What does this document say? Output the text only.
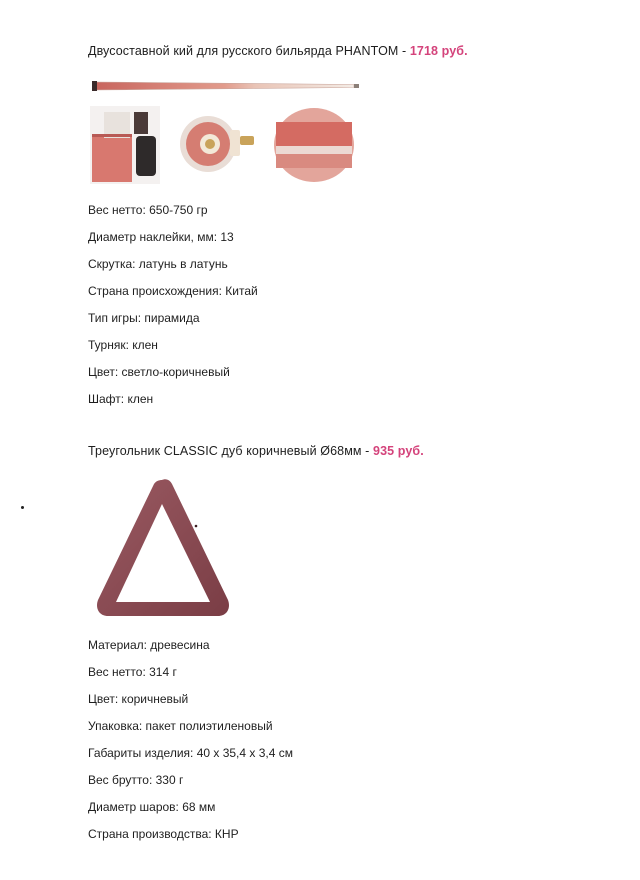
Двусоставной кий для русского бильярда PHANTOM - 1718 руб.
Вес нетто: 650-750 гр
Диаметр наклейки, мм: 13
Скрутка: латунь в латунь
Страна происхождения: Китай
Тип игры: пирамида
Турняк: клен
Цвет: светло-коричневый
Шафт: клен
Треугольник CLASSIC дуб коричневый Ø68мм - 935 руб.
Материал: древесина
Вес нетто: 314 г
Цвет: коричневый
Упаковка: пакет полиэтиленовый
Габариты изделия: 40 х 35,4 х 3,4 см
Вес брутто: 330 г
Диаметр шаров: 68 мм
Страна производства: КНР
